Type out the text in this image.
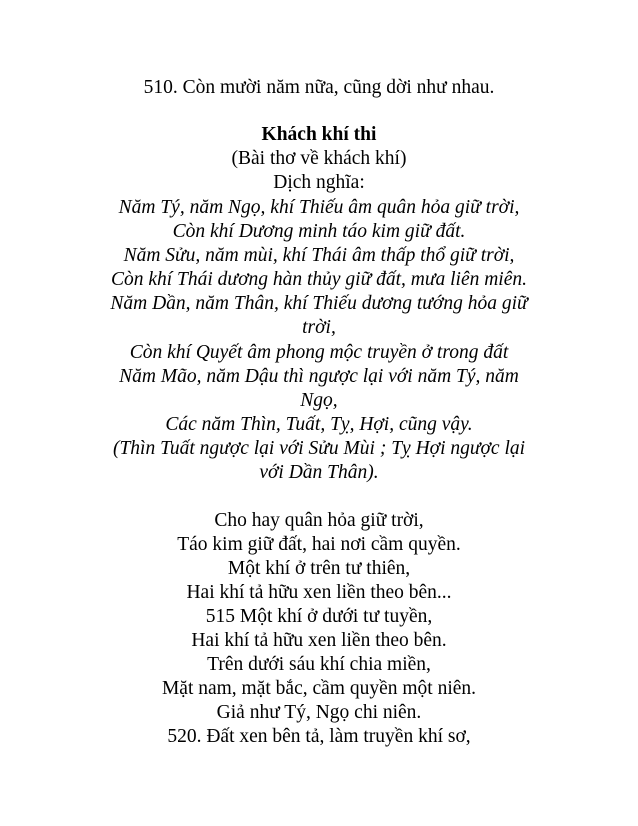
510. Còn mười năm nữa, cũng dời như nhau.
Khách khí thi
(Bài thơ về khách khí)
Dịch nghĩa:
Năm Tý, năm Ngọ, khí Thiếu âm quân hỏa giữ trời,
Còn khí Dương minh táo kim giữ đất.
Năm Sửu, năm mùi, khí Thái âm thấp thổ giữ trời,
Còn khí Thái dương hàn thủy giữ đất, mưa liên miên.
Năm Dần, năm Thân, khí Thiếu dương tướng hỏa giữ
trời,
Còn khí Quyết âm phong mộc truyền ở trong đất
Năm Mão, năm Dậu thì ngược lại với năm Tý, năm
Ngọ,
Các năm Thìn, Tuất, Tỵ, Hợi, cũng vậy.
(Thìn Tuất ngược lại với Sửu Mùi ; Tỵ Hợi ngược lại
với Dần Thân).
Cho hay quân hỏa giữ trời,
Táo kim giữ đất, hai nơi cầm quyền.
Một khí ở trên tư thiên,
Hai khí tả hữu xen liền theo bên...
515 Một khí ở dưới tư tuyền,
Hai khí tả hữu xen liền theo bên.
Trên dưới sáu khí chia miền,
Mặt nam, mặt bắc, cầm quyền một niên.
Giả như Tý, Ngọ chi niên.
520. Đất xen bên tả, làm truyền khí sơ,
